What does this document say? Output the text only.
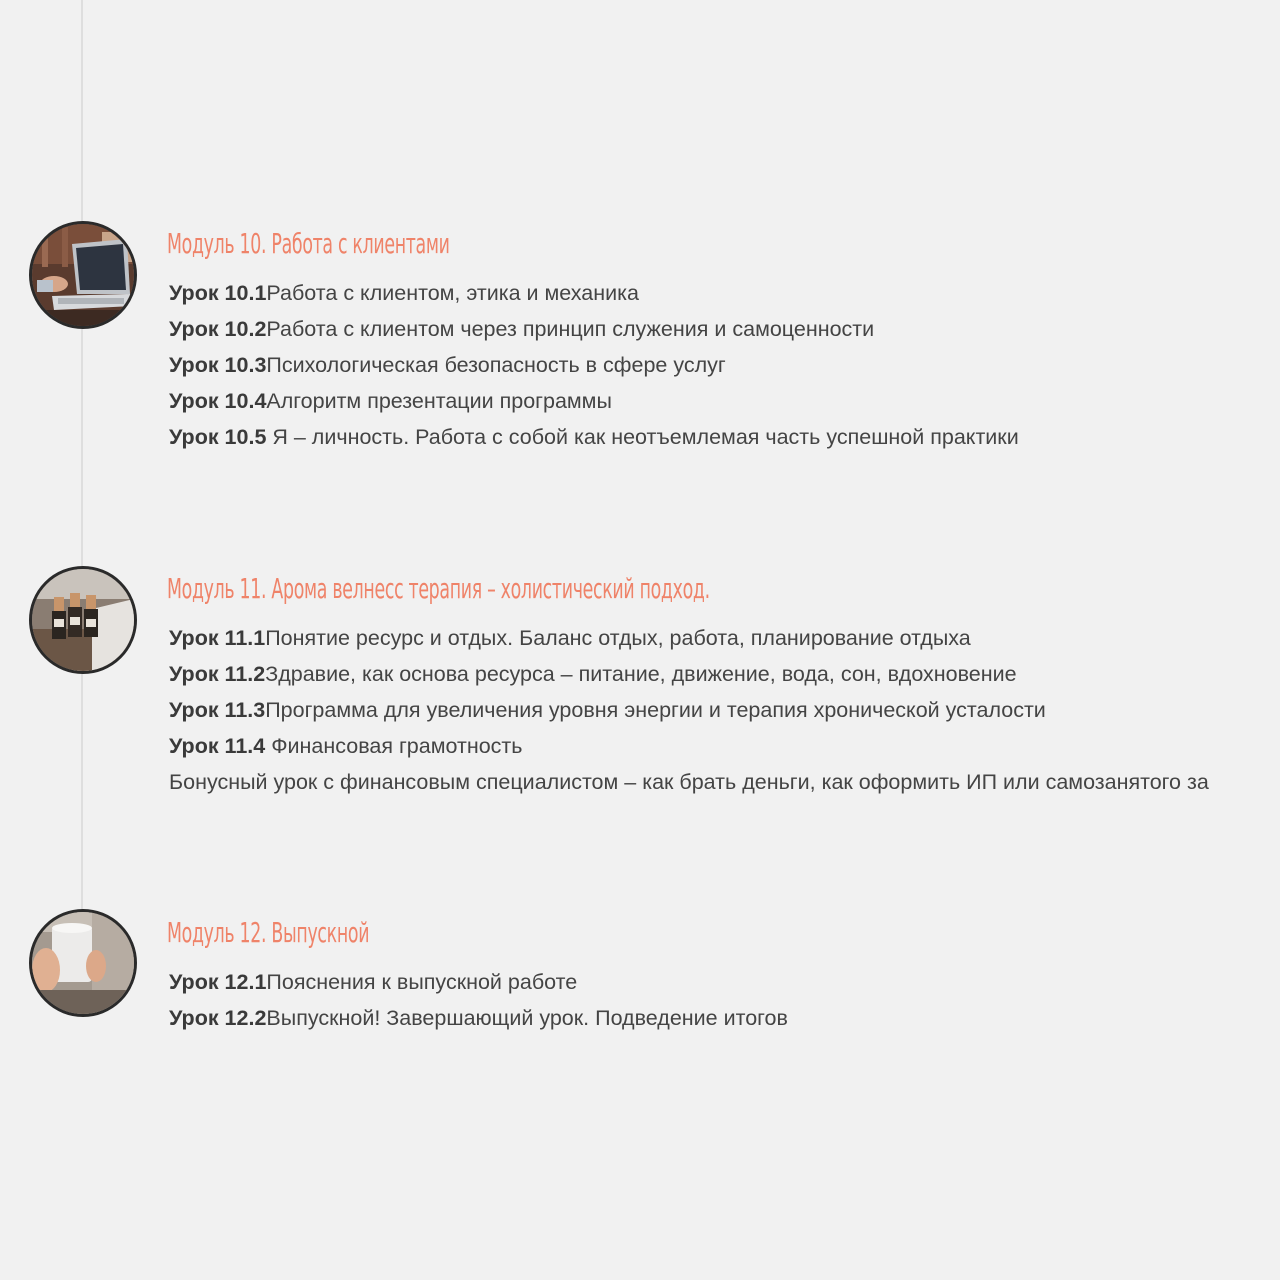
Модуль 10. Работа с клиентами
Урок 10.1Работа с клиентом, этика и механика
Урок 10.2Работа с клиентом через принцип служения и самоценности
Урок 10.3Психологическая безопасность в сфере услуг
Урок 10.4Алгоритм презентации программы
Урок 10.5 Я – личность. Работа с собой как неотъемлемая часть успешной практики
Модуль 11. Арома велнесс терапия – холистический подход.
Урок 11.1Понятие ресурс и отдых. Баланс отдых, работа, планирование отдыха
Урок 11.2Здравие, как основа ресурса – питание, движение, вода, сон, вдохновение
Урок 11.3Программа для увеличения уровня энергии и терапия хронической усталости
Урок 11.4 Финансовая грамотность
Бонусный урок с финансовым специалистом – как брать деньги, как оформить ИП или самозанятого за
Модуль 12. Выпускной
Урок 12.1Пояснения к выпускной работе
Урок 12.2Выпускной! Завершающий урок. Подведение итогов
